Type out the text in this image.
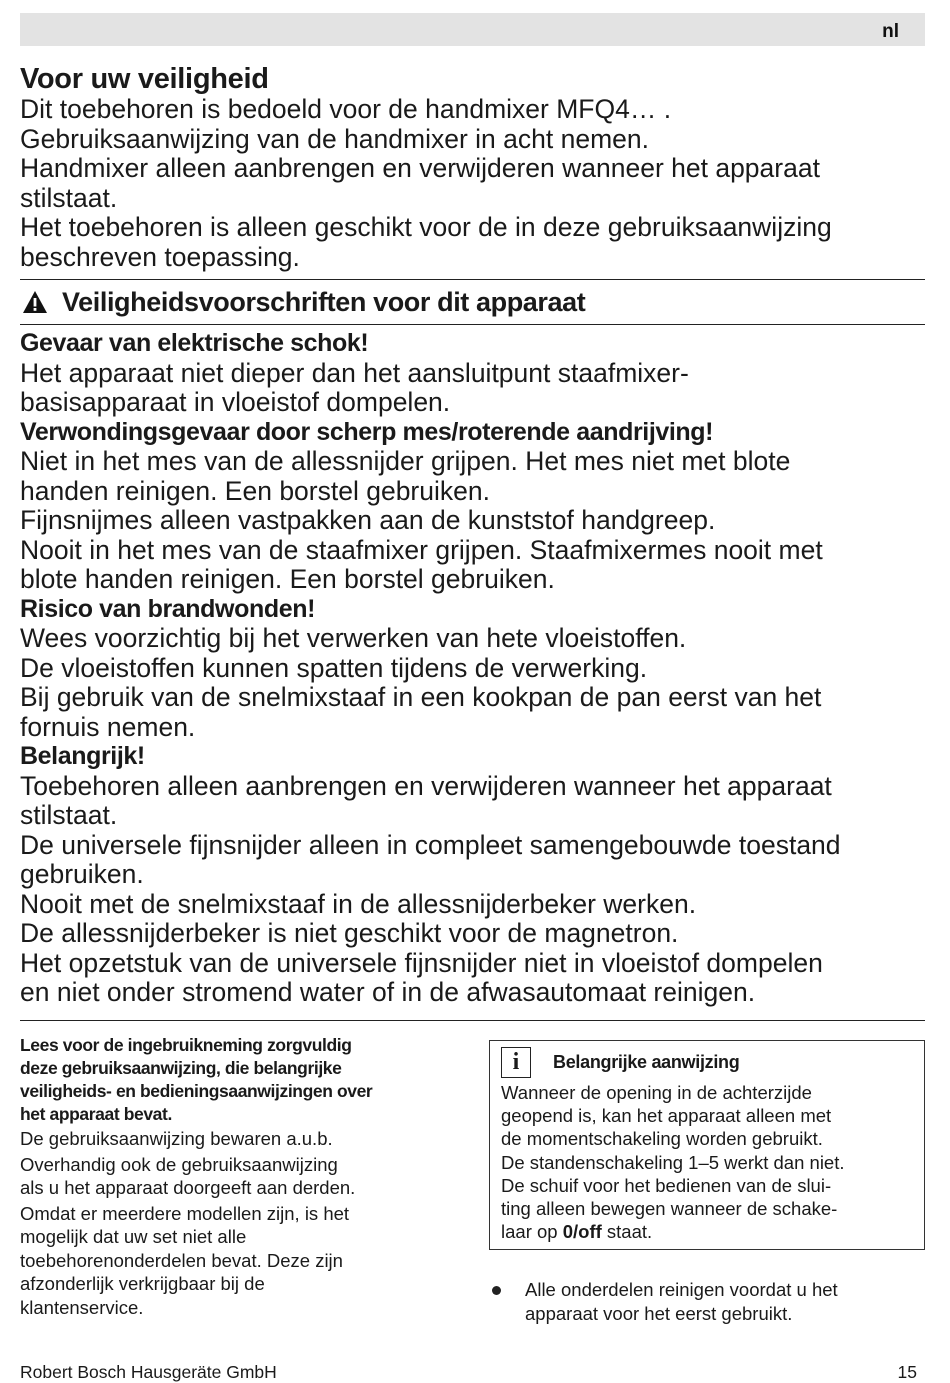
nl
Voor uw veiligheid

Dit toebehoren is bedoeld voor de handmixer MFQ4… .

Gebruiksaanwijzing van de handmixer in acht nemen.

Handmixer alleen aanbrengen en verwijderen wanneer het apparaat

stilstaat.

Het toebehoren is alleen geschikt voor de in deze gebruiksaanwijzing

beschreven toepassing.

Veiligheidsvoorschriften voor dit apparaat

Gevaar van elektrische schok!

Het apparaat niet dieper dan het aansluitpunt staafmixer-

basisapparaat in vloeistof dompelen.

Verwondingsgevaar door scherp mes/roterende aandrijving!

Niet in het mes van de allessnijder grijpen. Het mes niet met blote

handen reinigen. Een borstel gebruiken.

Fijnsnijmes alleen vastpakken aan de kunststof handgreep.

Nooit in het mes van de staafmixer grijpen. Staafmixermes nooit met

blote handen reinigen. Een borstel gebruiken.

Risico van brandwonden!

Wees voorzichtig bij het verwerken van hete vloeistoffen.

De vloeistoffen kunnen spatten tijdens de verwerking.

Bij gebruik van de snelmixstaaf in een kookpan de pan eerst van het

fornuis nemen.

Belangrijk!

Toebehoren alleen aanbrengen en verwijderen wanneer het apparaat

stilstaat.

De universele fijnsnijder alleen in compleet samengebouwde toestand

gebruiken.

Nooit met de snelmixstaaf in de allessnijderbeker werken.

De allessnijderbeker is niet geschikt voor de magnetron.

Het opzetstuk van de universele fijnsnijder niet in vloeistof dompelen

en niet onder stromend water of in de afwasautomaat reinigen.

Lees voor de ingebruikneming zorgvuldig

deze gebruiksaanwijzing, die belangrijke

veiligheids- en bedieningsaanwijzingen over

het apparaat bevat.

De gebruiksaanwijzing bewaren a.u.b.

Overhandig ook de gebruiksaanwijzing

als u het apparaat doorgeeft aan derden.

Omdat er meerdere modellen zijn, is het

mogelijk dat uw set niet alle

toebehorenonderdelen bevat. Deze zijn

afzonderlijk verkrijgbaar bij de

klantenservice.

i	Belangrijke aanwijzing

Wanneer de opening in de achterzijde

geopend is, kan het apparaat alleen met

de momentschakeling worden gebruikt.

De standenschakeling 1–5 werkt dan niet.

De schuif voor het bedienen van de slui-

ting alleen bewegen wanneer de schake-

laar op 0/off staat.

Alle onderdelen reinigen voordat u het
apparaat voor het eerst gebruikt.
Robert Bosch Hausgeräte GmbH	15
